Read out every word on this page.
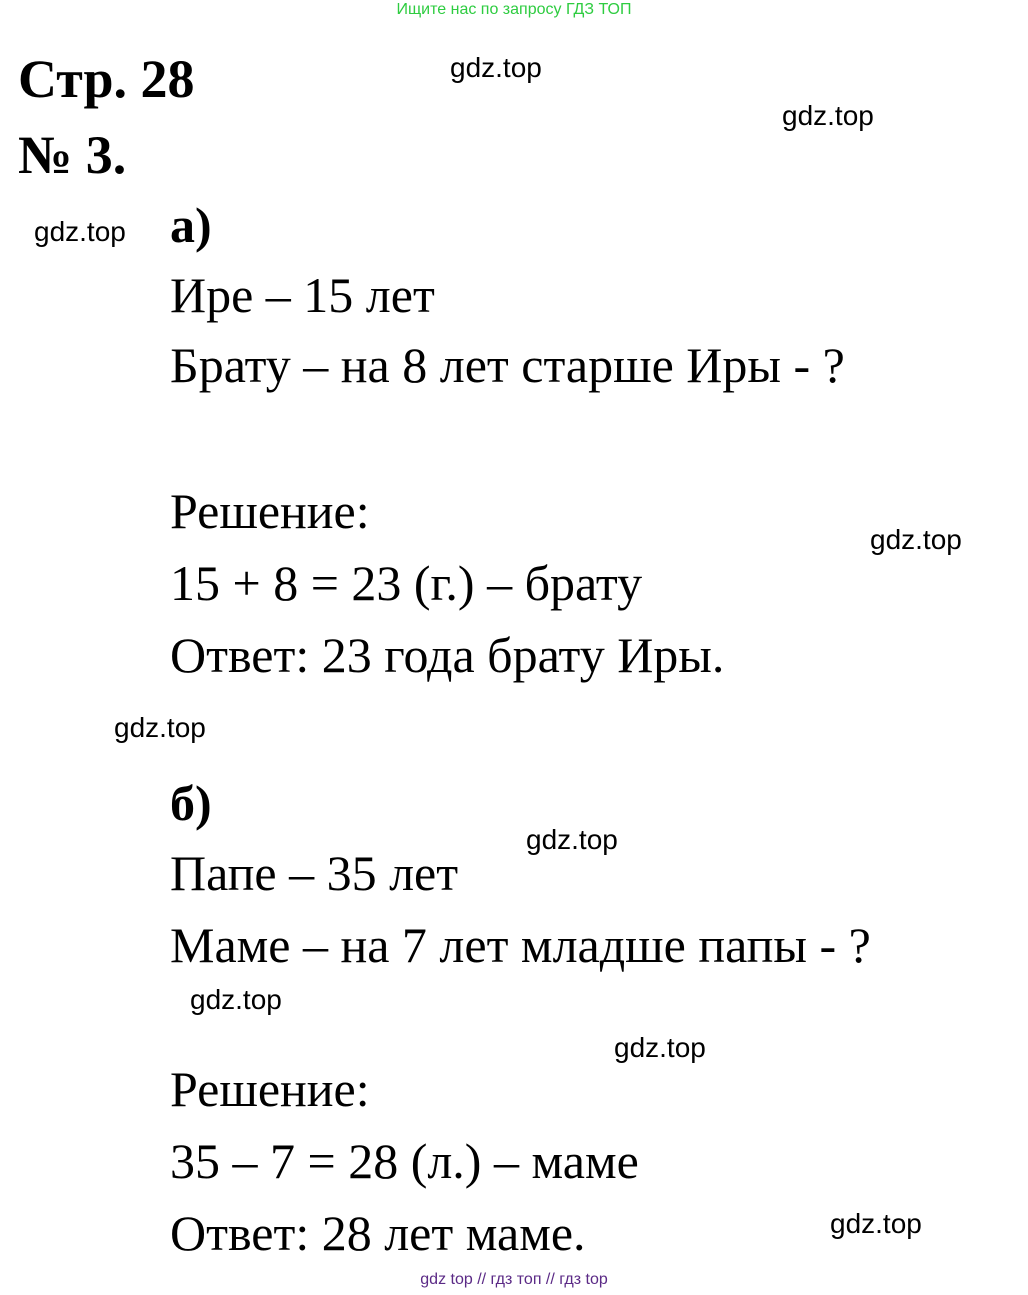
Ищите нас по запросу ГДЗ ТОП
Стр. 28
№ 3.
а)
Ире – 15 лет
Брату – на 8 лет старше Иры - ?
Решение:
15 + 8 = 23 (г.) – брату
Ответ: 23 года брату Иры.
б)
Папе – 35 лет
Маме – на 7 лет младше папы - ?
Решение:
35 – 7 = 28 (л.) – маме
Ответ: 28 лет маме.
gdz.top
gdz.top
gdz.top
gdz.top
gdz.top
gdz.top
gdz.top
gdz.top
gdz.top
gdz top // гдз топ // гдз top
